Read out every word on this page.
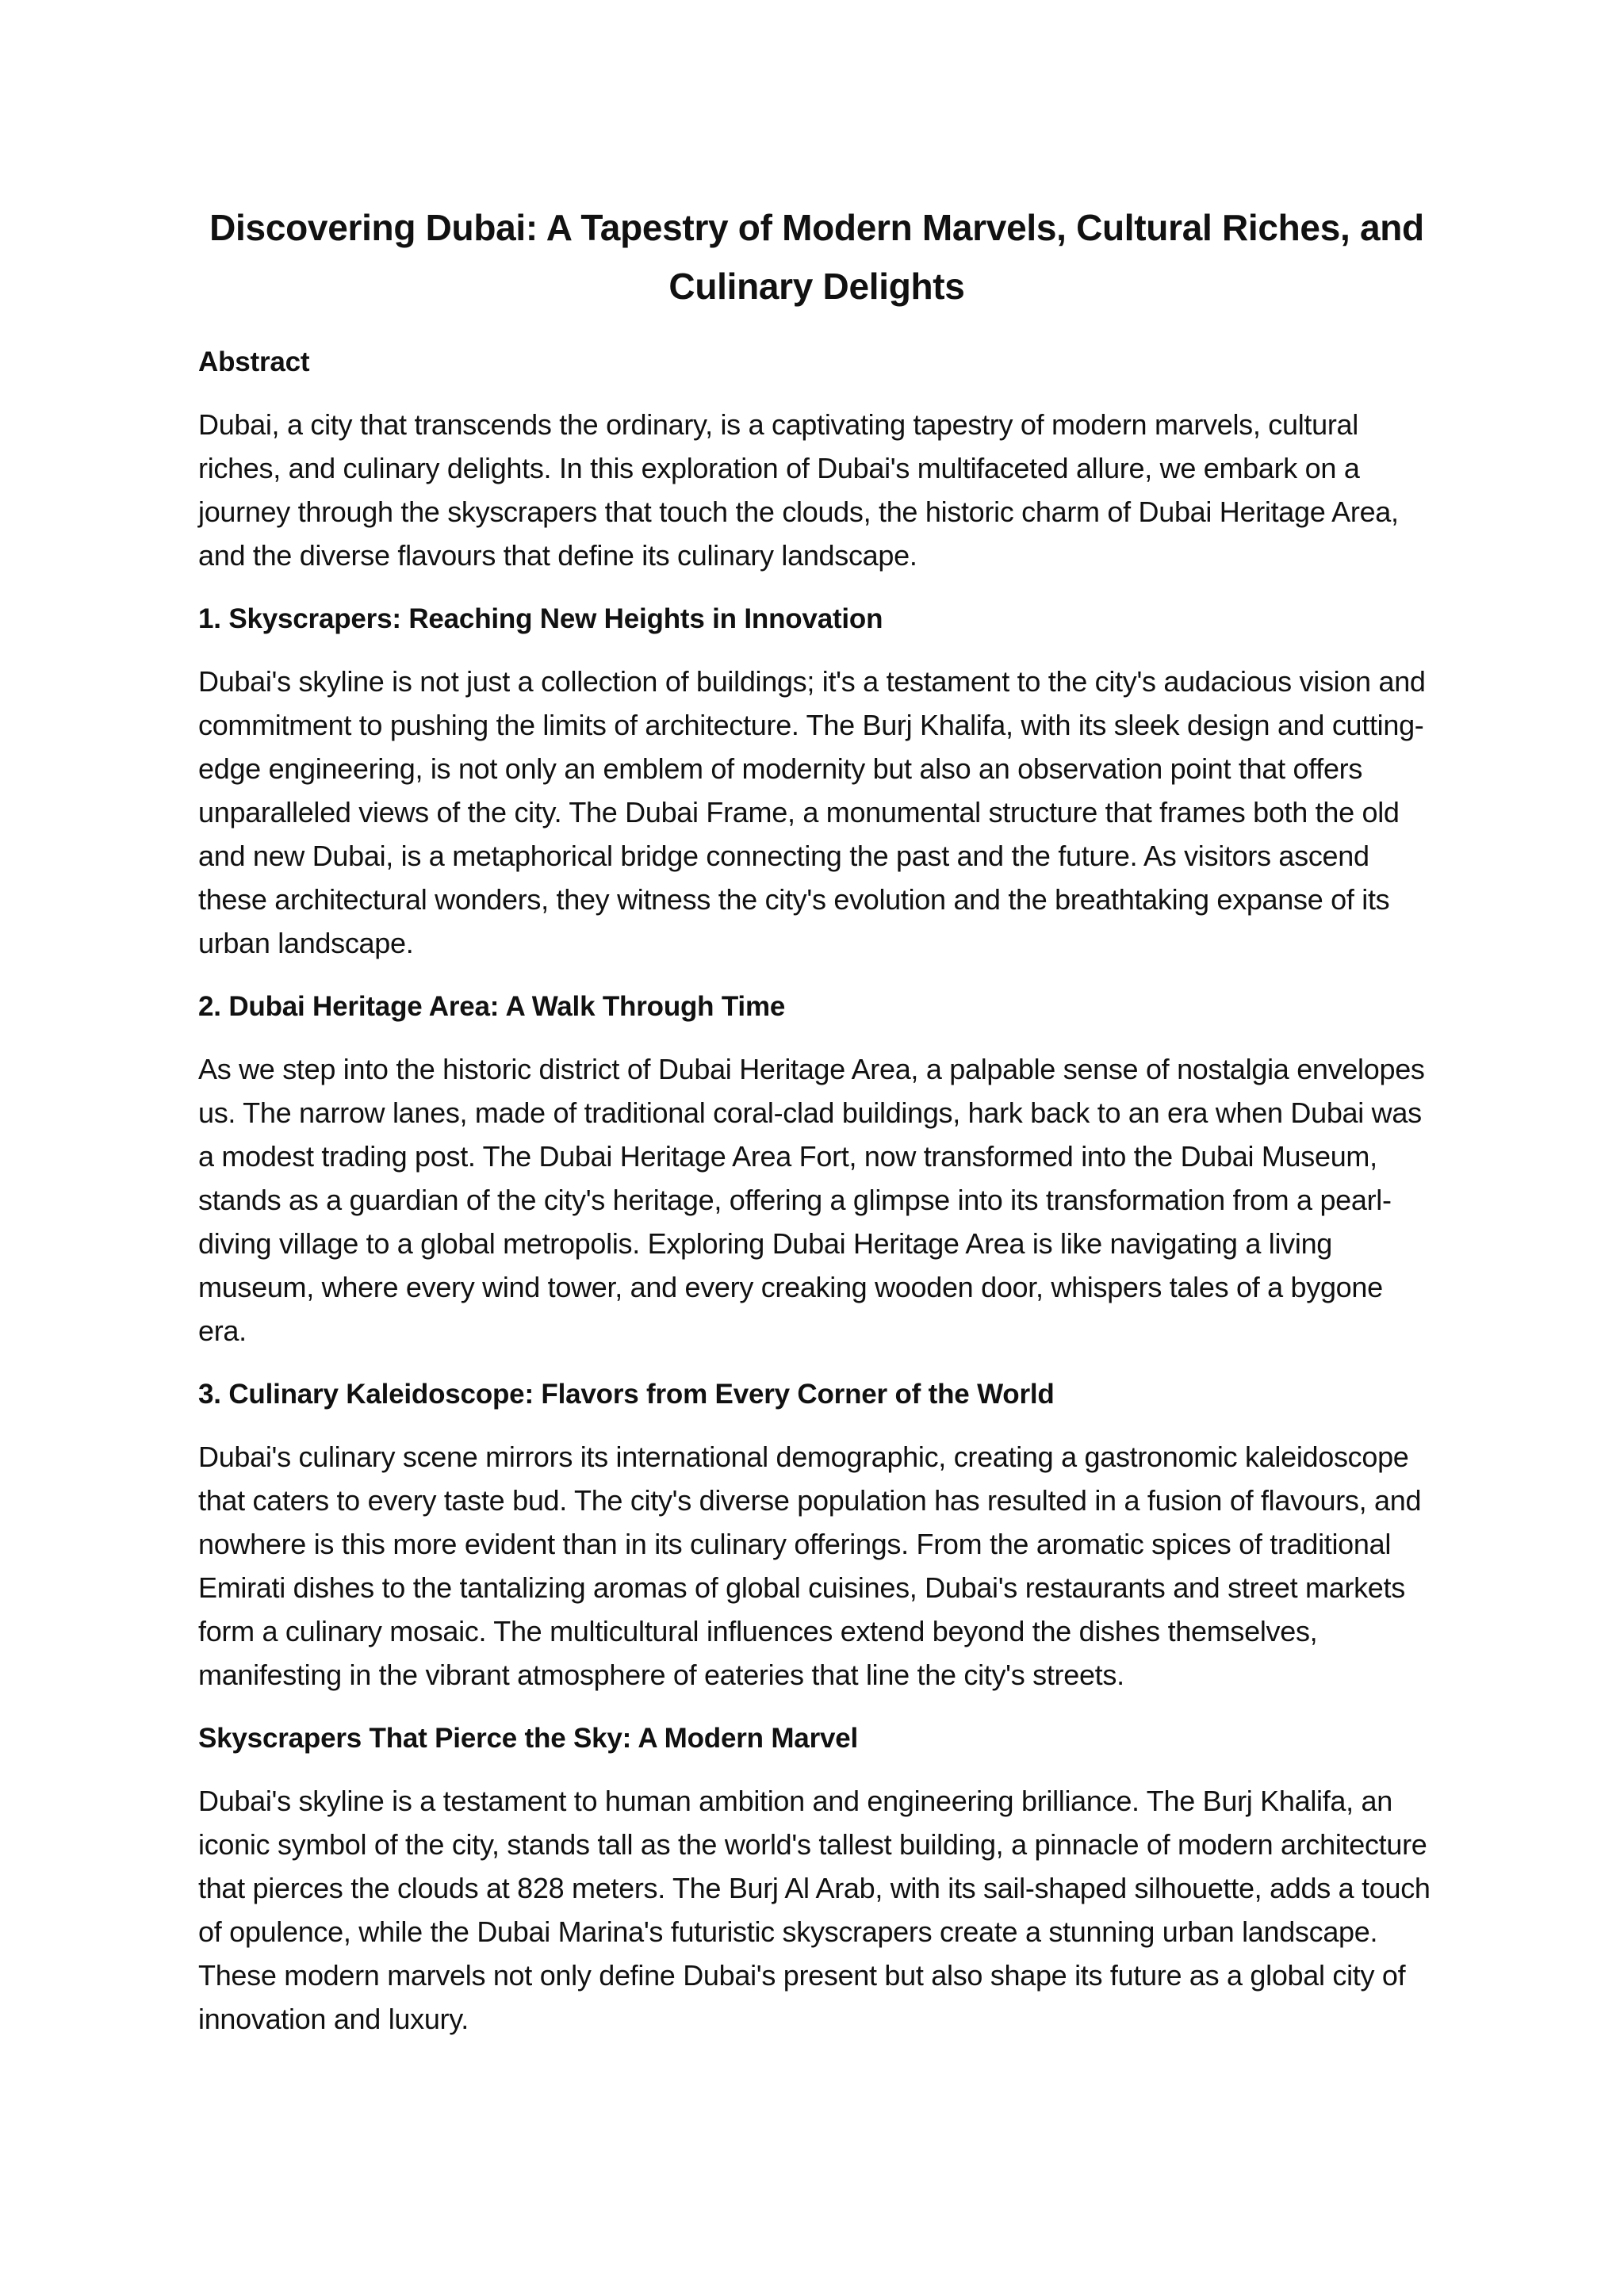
Discovering Dubai: A Tapestry of Modern Marvels, Cultural Riches, and Culinary Delights
Abstract

Dubai, a city that transcends the ordinary, is a captivating tapestry of modern marvels, cultural riches, and culinary delights. In this exploration of Dubai's multifaceted allure, we embark on a journey through the skyscrapers that touch the clouds, the historic charm of Dubai Heritage Area, and the diverse flavours that define its culinary landscape.

1. Skyscrapers: Reaching New Heights in Innovation

Dubai's skyline is not just a collection of buildings; it's a testament to the city's audacious vision and commitment to pushing the limits of architecture. The Burj Khalifa, with its sleek design and cutting-edge engineering, is not only an emblem of modernity but also an observation point that offers unparalleled views of the city. The Dubai Frame, a monumental structure that frames both the old and new Dubai, is a metaphorical bridge connecting the past and the future. As visitors ascend these architectural wonders, they witness the city's evolution and the breathtaking expanse of its urban landscape.

2. Dubai Heritage Area: A Walk Through Time

As we step into the historic district of Dubai Heritage Area, a palpable sense of nostalgia envelopes us. The narrow lanes, made of traditional coral-clad buildings, hark back to an era when Dubai was a modest trading post. The Dubai Heritage Area Fort, now transformed into the Dubai Museum, stands as a guardian of the city's heritage, offering a glimpse into its transformation from a pearl-diving village to a global metropolis. Exploring Dubai Heritage Area is like navigating a living museum, where every wind tower, and every creaking wooden door, whispers tales of a bygone era.

3. Culinary Kaleidoscope: Flavors from Every Corner of the World

Dubai's culinary scene mirrors its international demographic, creating a gastronomic kaleidoscope that caters to every taste bud. The city's diverse population has resulted in a fusion of flavours, and nowhere is this more evident than in its culinary offerings. From the aromatic spices of traditional Emirati dishes to the tantalizing aromas of global cuisines, Dubai's restaurants and street markets form a culinary mosaic. The multicultural influences extend beyond the dishes themselves, manifesting in the vibrant atmosphere of eateries that line the city's streets.

Skyscrapers That Pierce the Sky: A Modern Marvel

Dubai's skyline is a testament to human ambition and engineering brilliance. The Burj Khalifa, an iconic symbol of the city, stands tall as the world's tallest building, a pinnacle of modern architecture that pierces the clouds at 828 meters. The Burj Al Arab, with its sail-shaped silhouette, adds a touch of opulence, while the Dubai Marina's futuristic skyscrapers create a stunning urban landscape. These modern marvels not only define Dubai's present but also shape its future as a global city of innovation and luxury.
